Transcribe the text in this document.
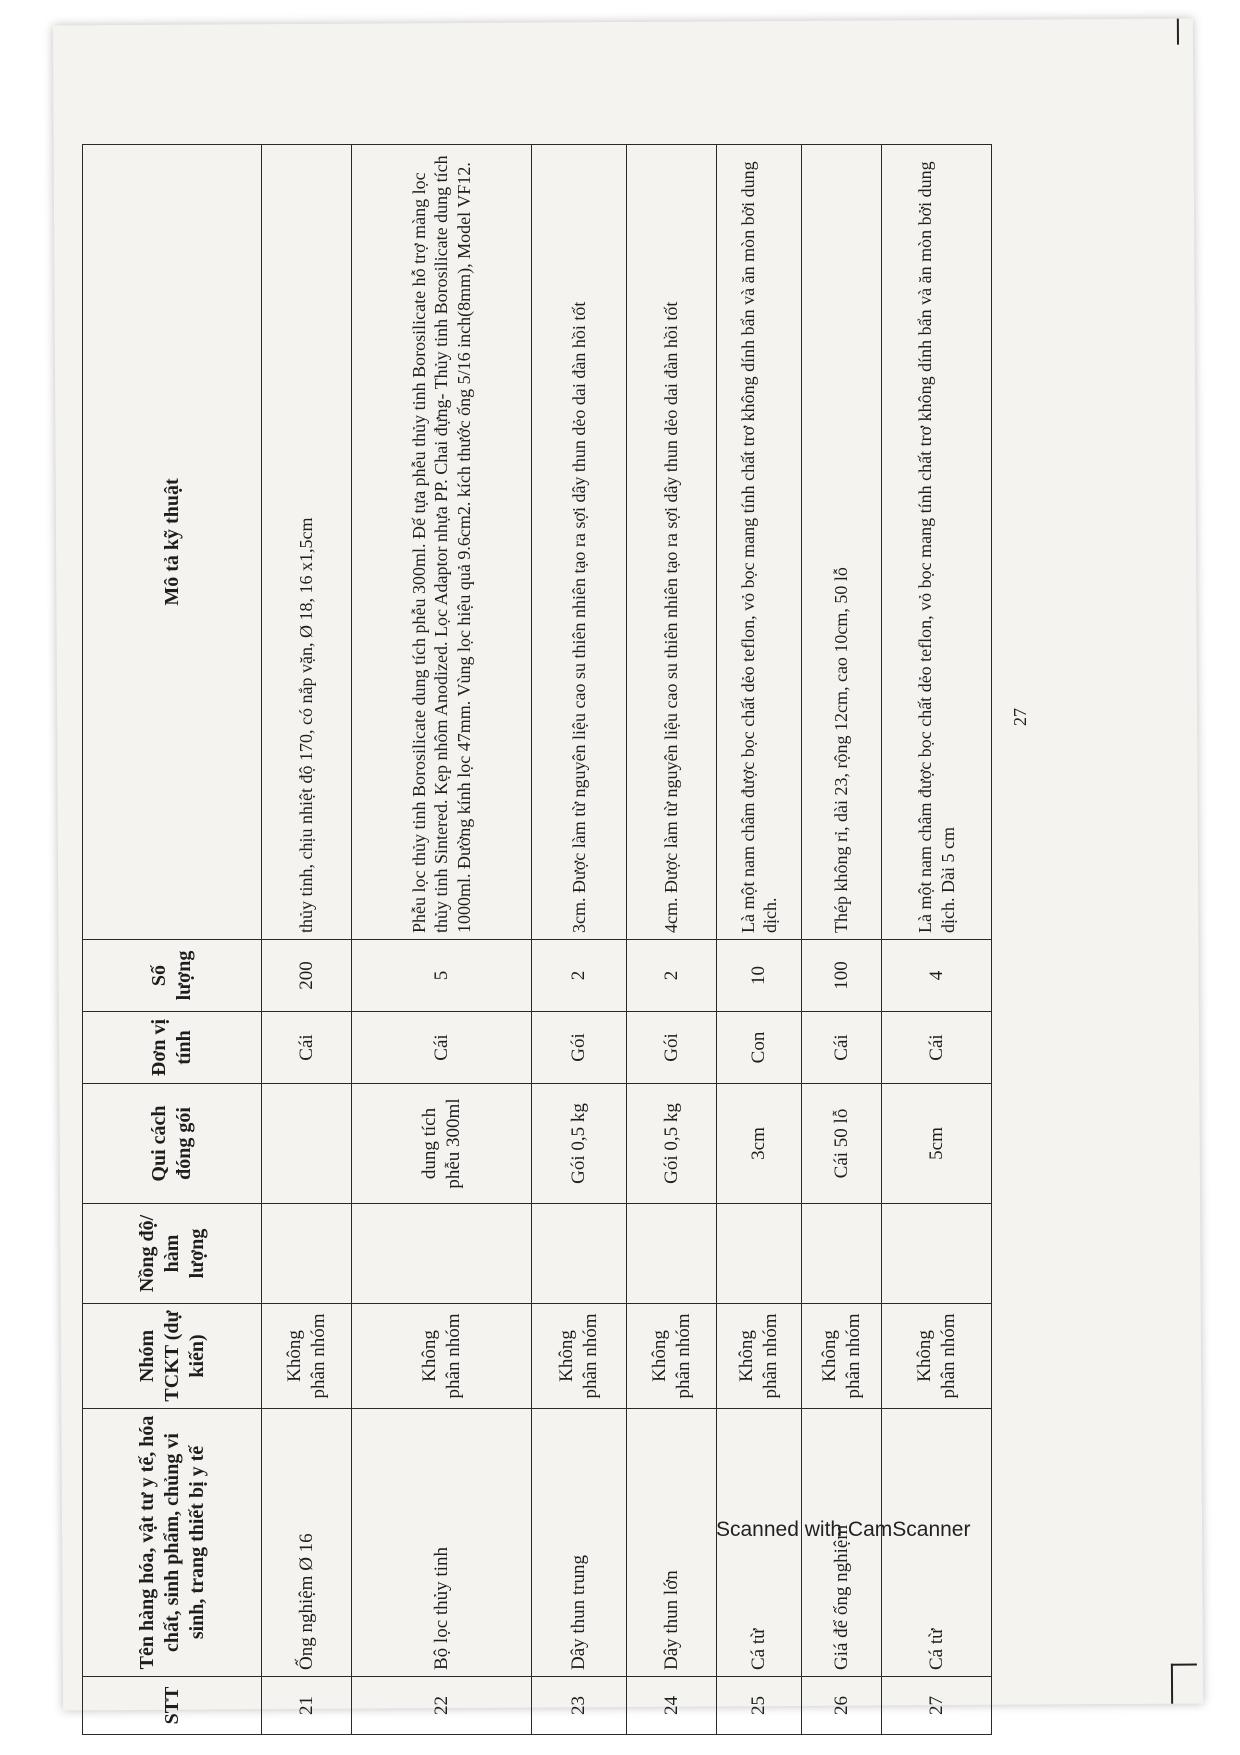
STT	Tên hàng hóa, vật tư y tế, hóa chất, sinh phẩm, chủng vi sinh, trang thiết bị y tế	Nhóm TCKT (dự kiến)	Nồng độ/ hàm lượng	Qui cách đóng gói	Đơn vị tính	Số lượng	Mô tả kỹ thuật
21	Ống nghiệm Ø 16	Không phân nhóm			Cái	200	thủy tinh, chịu nhiệt độ 170, có nắp vặn, Ø 18, 16 x1,5cm
22	Bộ lọc thủy tinh	Không phân nhóm		dung tích phễu 300ml	Cái	5	Phễu lọc thủy tinh Borosilicate dung tích phễu 300ml. Đế tựa phễu thủy tinh Borosilicate hỗ trợ màng lọc thủy tinh Sintered. Kẹp nhôm Anodized. Lọc Adaptor nhựa PP. Chai đựng- Thủy tinh Borosilicate dung tích 1000ml. Đường kính lọc 47mm. Vùng lọc hiệu quả 9.6cm2. kích thước ống 5/16 inch(8mm), Model VF12.
23	Dây thun trung	Không phân nhóm		Gói 0,5 kg	Gói	2	3cm. Được làm từ nguyên liệu cao su thiên nhiên tạo ra sợi dây thun dẻo dai đàn hồi tốt
24	Dây thun lớn	Không phân nhóm		Gói 0,5 kg	Gói	2	4cm. Được làm từ nguyên liệu cao su thiên nhiên tạo ra sợi dây thun dẻo dai đàn hồi tốt
25	Cá từ	Không phân nhóm		3cm	Con	10	Là một nam châm được bọc chất dẻo teflon, vỏ bọc mang tính chất trơ không dính bẩn và ăn mòn bởi dung dịch.
26	Giá để ống nghiệm	Không phân nhóm		Cái 50 lỗ	Cái	100	Thép không rỉ, dài 23, rộng 12cm, cao 10cm, 50 lỗ
27	Cá từ	Không phân nhóm		5cm	Cái	4	Là một nam châm được bọc chất dẻo teflon, vỏ bọc mang tính chất trơ không dính bẩn và ăn mòn bởi dung dịch. Dài 5 cm
27
Scanned with CamScanner
